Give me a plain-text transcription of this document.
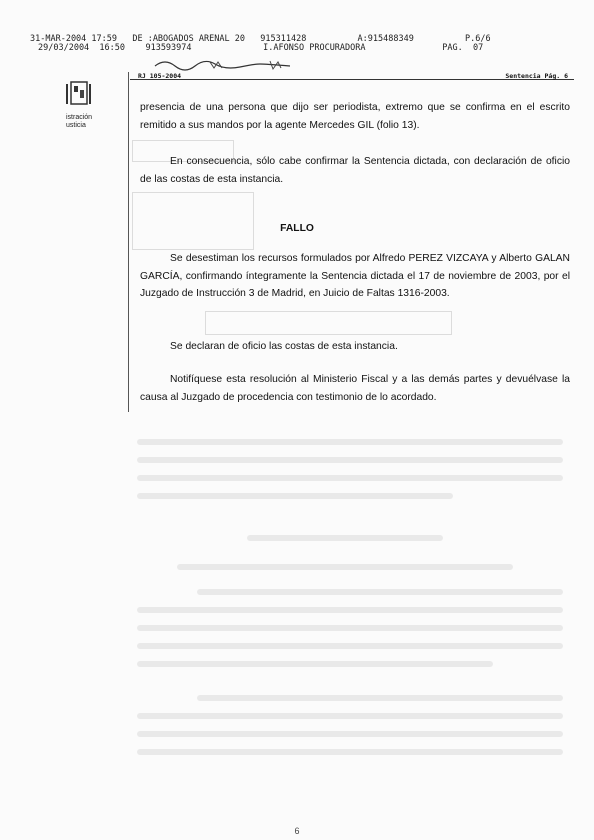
31-MAR-2004 17:59   DE :ABOGADOS ARENAL 20   915311428          A:915488349          P.6/6
29/03/2004  16:50    913593974              I.AFONSO PROCURADORA               PAG.  07
istración
usticia
RJ 105-2004	Sentencia Pág. 6

presencia de una persona que dijo ser periodista, extremo que se confirma en el escrito remitido a sus mandos por la agente Mercedes GIL (folio 13).

En consecuencia, sólo cabe confirmar la Sentencia dictada, con declaración de oficio de las costas de esta instancia.

FALLO

Se desestiman los recursos formulados por Alfredo PEREZ VIZCAYA y Alberto GALAN GARCÍA, confirmando íntegramente la Sentencia dictada el 17 de noviembre de 2003, por el Juzgado de Instrucción 3 de Madrid, en Juicio de Faltas 1316-2003.

Se declaran de oficio las costas de esta instancia.

Notifíquese esta resolución al Ministerio Fiscal y a las demás partes y devuélvase la causa al Juzgado de procedencia con testimonio de lo acordado.

6
